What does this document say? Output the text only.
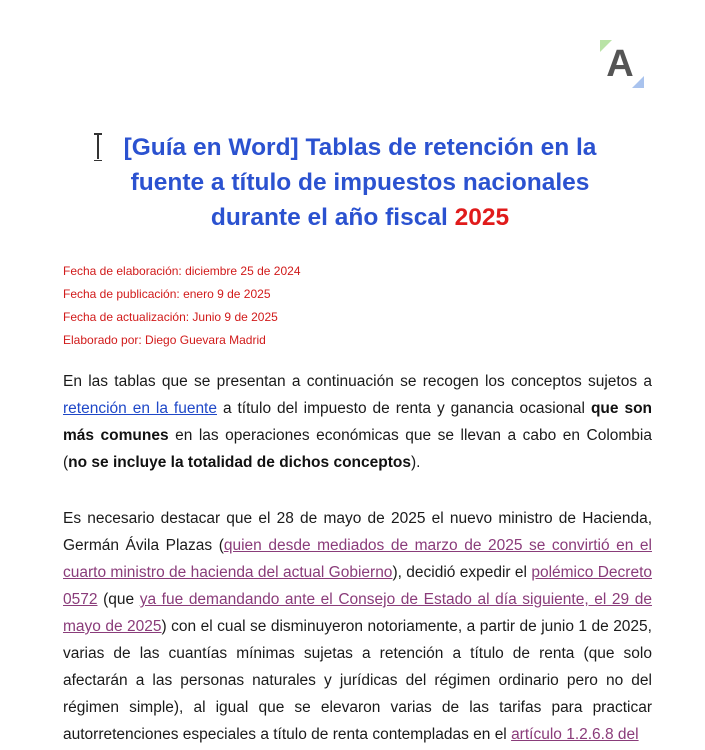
A
[Guía en Word] Tablas de retención en la
fuente a título de impuestos nacionales
durante el año fiscal 2025
Fecha de elaboración: diciembre 25 de 2024
Fecha de publicación: enero 9 de 2025
Fecha de actualización: Junio 9 de 2025
Elaborado por: Diego Guevara Madrid
En las tablas que se presentan a continuación se recogen los conceptos sujetos a retención en la fuente a título del impuesto de renta y ganancia ocasional que son más comunes en las operaciones económicas que se llevan a cabo en Colombia (no se incluye la totalidad de dichos conceptos).
Es necesario destacar que el 28 de mayo de 2025 el nuevo ministro de Hacienda, Germán Ávila Plazas (quien desde mediados de marzo de 2025 se convirtió en el cuarto ministro de hacienda del actual Gobierno), decidió expedir el polémico Decreto 0572 (que ya fue demandando ante el Consejo de Estado al día siguiente, el 29 de mayo de 2025) con el cual se disminuyeron notoriamente, a partir de junio 1 de 2025, varias de las cuantías mínimas sujetas a retención a título de renta (que solo afectarán a las personas naturales y jurídicas del régimen ordinario pero no del régimen simple), al igual que se elevaron varias de las tarifas para practicar autorretenciones especiales a título de renta contempladas en el artículo 1.2.6.8 del
